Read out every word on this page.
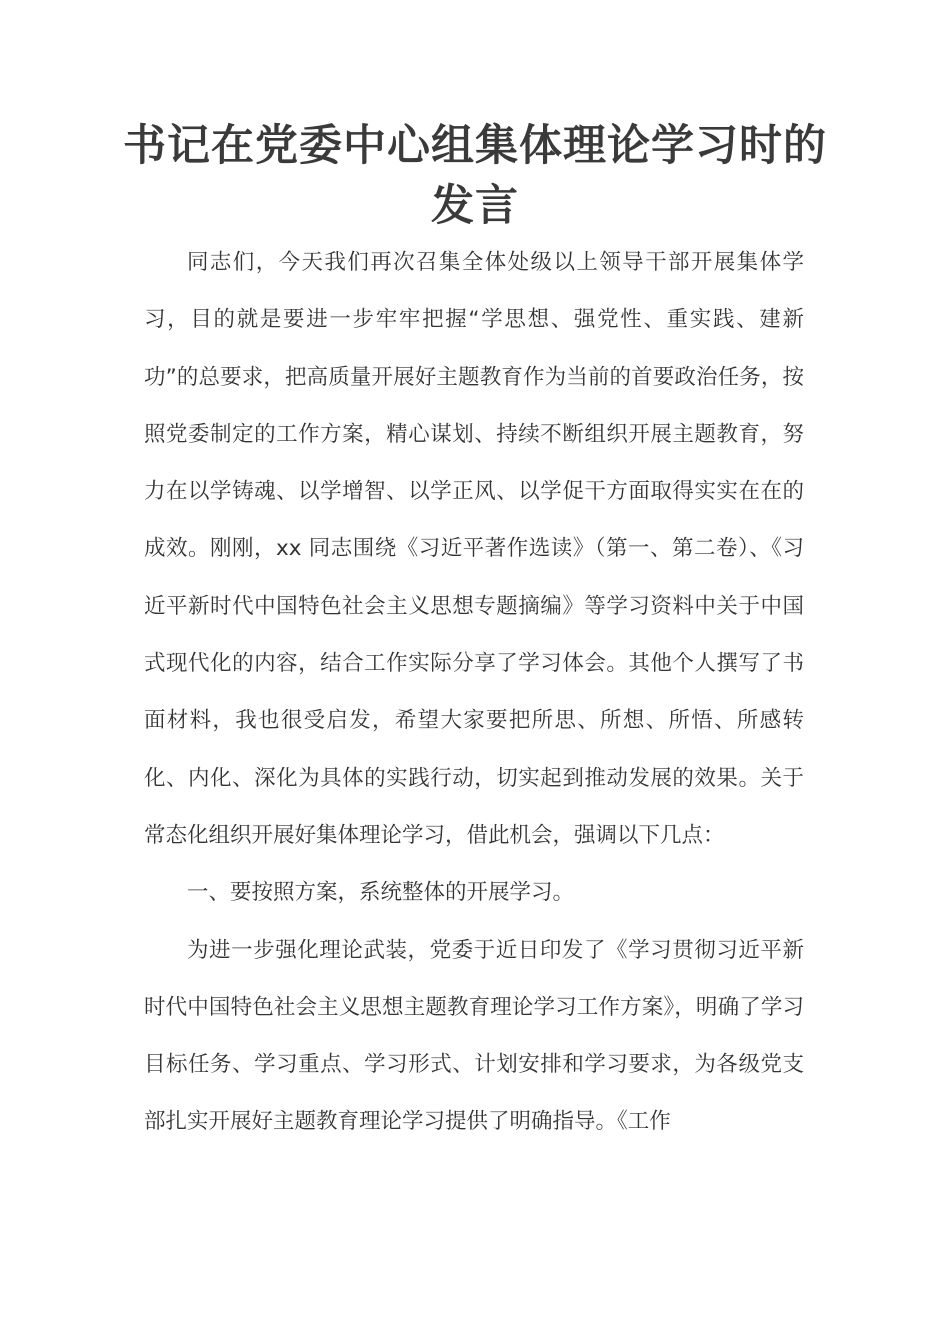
书记在党委中心组集体理论学习时的发言

同志们，今天我们再次召集全体处级以上领导干部开展集体学习，目的就是要进一步牢牢把握“学思想、强党性、重实践、建新功”的总要求，把高质量开展好主题教育作为当前的首要政治任务，按照党委制定的工作方案，精心谋划、持续不断组织开展主题教育，努力在以学铸魂、以学增智、以学正风、以学促干方面取得实实在在的成效。刚刚，xx 同志围绕《习近平著作选读》（第一、第二卷）、《习近平新时代中国特色社会主义思想专题摘编》等学习资料中关于中国式现代化的内容，结合工作实际分享了学习体会。其他个人撰写了书面材料，我也很受启发，希望大家要把所思、所想、所悟、所感转化、内化、深化为具体的实践行动，切实起到推动发展的效果。关于常态化组织开展好集体理论学习，借此机会，强调以下几点：

一、要按照方案，系统整体的开展学习。

为进一步强化理论武装，党委于近日印发了《学习贯彻习近平新时代中国特色社会主义思想主题教育理论学习工作方案》，明确了学习目标任务、学习重点、学习形式、计划安排和学习要求，为各级党支部扎实开展好主题教育理论学习提供了明确指导。《工作
